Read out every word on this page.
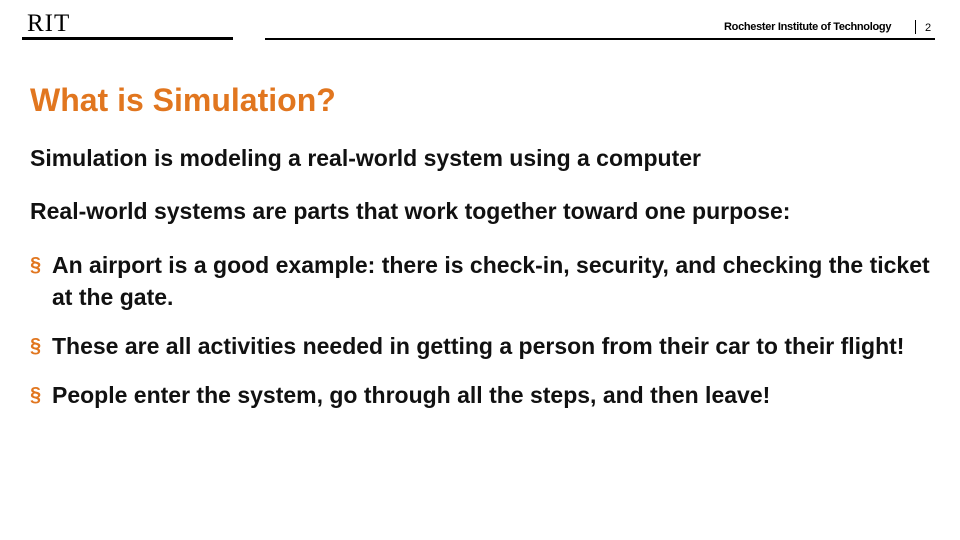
RIT	Rochester Institute of Technology	2
What is Simulation?

Simulation is modeling a real-world system using a computer

Real-world systems are parts that work together toward one purpose:

§ An airport is a good example: there is check-in, security, and checking the ticket at the gate.
§ These are all activities needed in getting a person from their car to their flight!
§ People enter the system, go through all the steps, and then leave!
